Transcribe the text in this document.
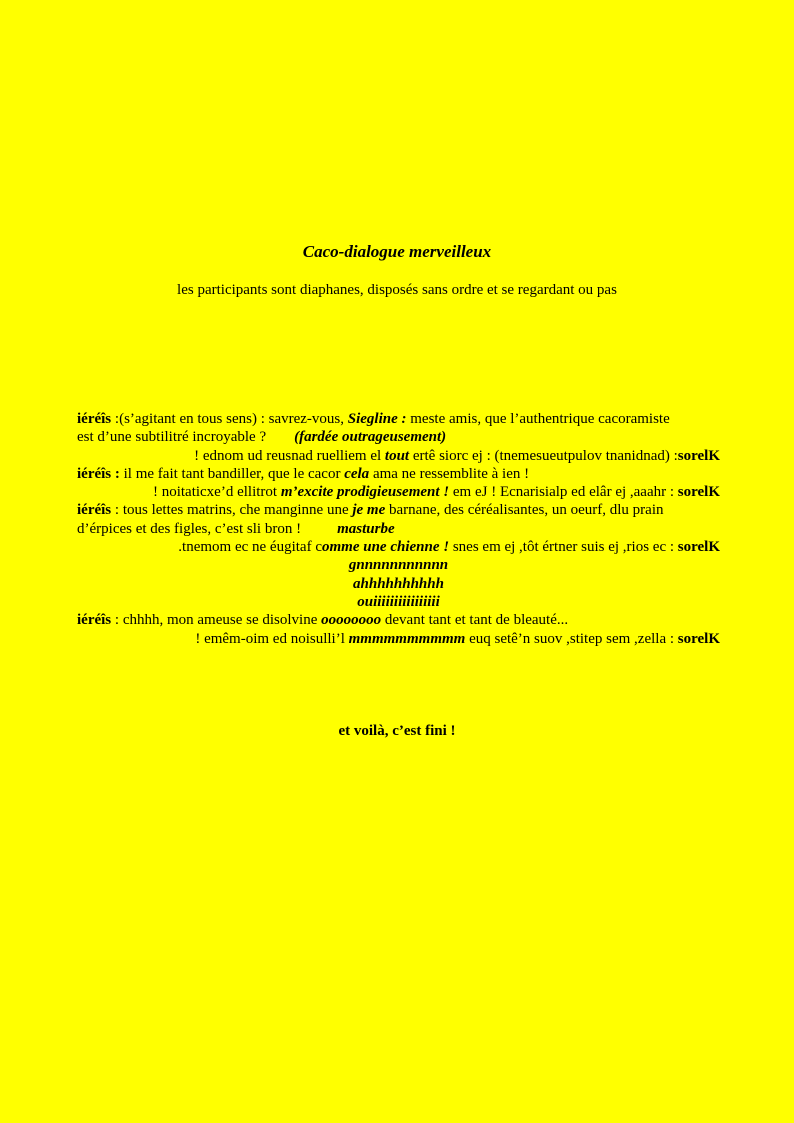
Caco-dialogue merveilleux
les participants sont diaphanes, disposés sans ordre et se regardant ou pas
iéréîs :(s’agitant en tous sens) : savrez-vous, Siegline : meste amis, que l’authentrique cacoramiste
est d’une subtilitré incroyable ? (fardée outrageusement)
! ednom ud reusnad ruelliem el tout ertê siorc ej : (tnemesueutpulov tnanidnad) :sorelK
iéréîs : il me fait tant bandiller, que le cacor cela ama ne ressemblite à ien !
! noitaticxe’d ellitrot m’excite prodigieusement ! em eJ ! Ecnarisialp ed elâr ej ,aaahr : sorelK
iéréîs : tous lettes matrins, che manginne une je me barnane, des céréalisantes, un oeurf, dlu prain
d’érpices et des figles, c’est sli bron ! masturbe
.tnemom ec ne éugitaf comme une chienne ! snes em ej ,tôt értner suis ej ,rios ec : sorelK
gnnnnnnnnnnn
ahhhhhhhhhh
ouiiiiiiiiiiiiiiii
iéréîs : chhhh, mon ameuse se disolvine oooooooo devant tant et tant de bleauté...
! emêm-oim ed noisulli’l mmmmmmmmmm euq setê’n suov ,stitep sem ,zella : sorelK
et voilà, c’est fini !
